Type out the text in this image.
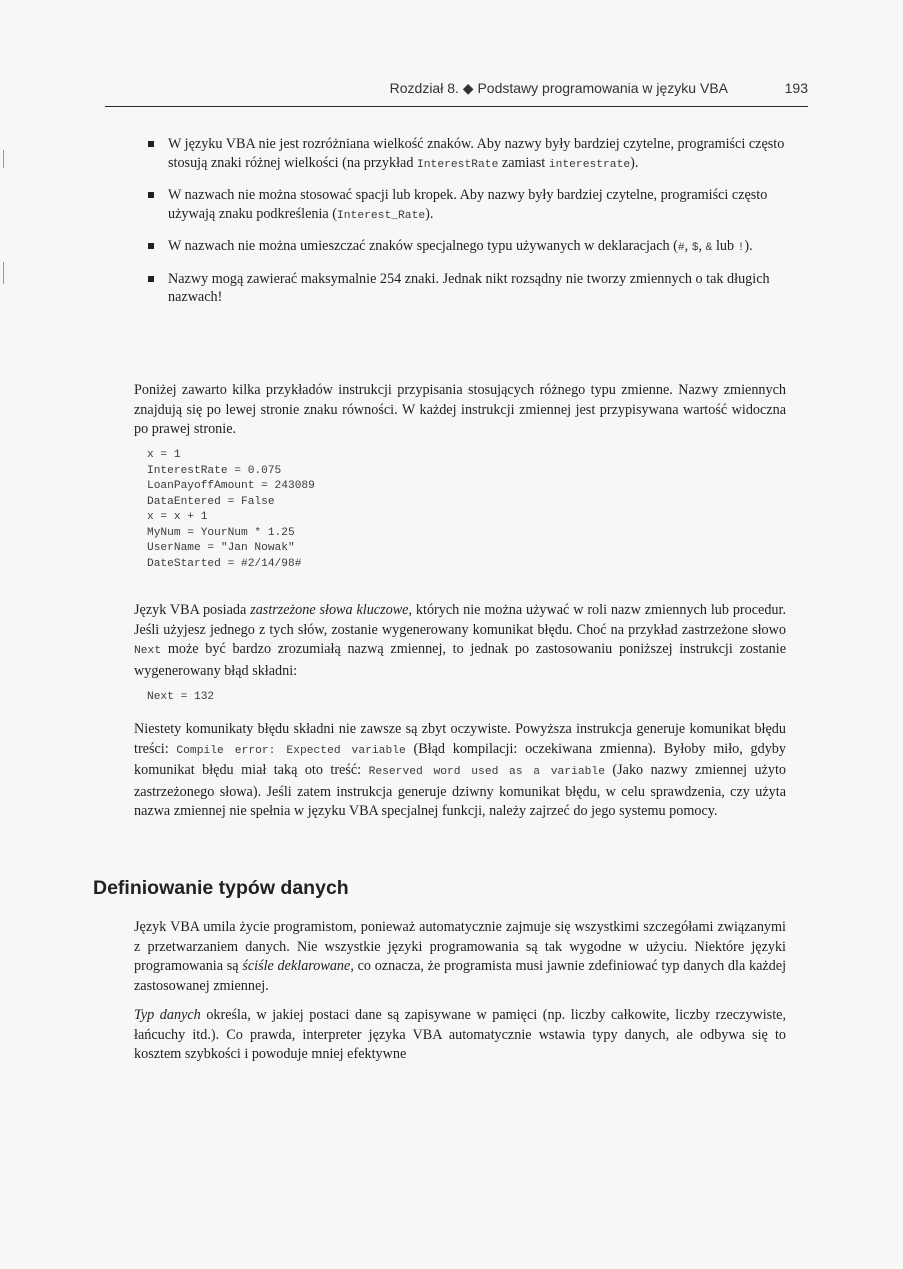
Rozdział 8. ◆ Podstawy programowania w języku VBA	193
W języku VBA nie jest rozróżniana wielkość znaków. Aby nazwy były bardziej czytelne, programiści często stosują znaki różnej wielkości (na przykład InterestRate zamiast interestrate).
W nazwach nie można stosować spacji lub kropek. Aby nazwy były bardziej czytelne, programiści często używają znaku podkreślenia (Interest_Rate).
W nazwach nie można umieszczać znaków specjalnego typu używanych w deklaracjach (#, $, & lub !).
Nazwy mogą zawierać maksymalnie 254 znaki. Jednak nikt rozsądny nie tworzy zmiennych o tak długich nazwach!

Poniżej zawarto kilka przykładów instrukcji przypisania stosujących różnego typu zmienne. Nazwy zmiennych znajdują się po lewej stronie znaku równości. W każdej instrukcji zmiennej jest przypisywana wartość widoczna po prawej stronie.

x = 1
InterestRate = 0.075
LoanPayoffAmount = 243089
DataEntered = False
x = x + 1
MyNum = YourNum * 1.25
UserName = "Jan Nowak"
DateStarted = #2/14/98#

Język VBA posiada zastrzeżone słowa kluczowe, których nie można używać w roli nazw zmiennych lub procedur. Jeśli użyjesz jednego z tych słów, zostanie wygenerowany komunikat błędu. Choć na przykład zastrzeżone słowo Next może być bardzo zrozumiałą nazwą zmiennej, to jednak po zastosowaniu poniższej instrukcji zostanie wygenerowany błąd składni:

Next = 132

Niestety komunikaty błędu składni nie zawsze są zbyt oczywiste. Powyższa instrukcja generuje komunikat błędu treści: Compile error: Expected variable (Błąd kompilacji: oczekiwana zmienna). Byłoby miło, gdyby komunikat błędu miał taką oto treść: Reserved word used as a variable (Jako nazwy zmiennej użyto zastrzeżonego słowa). Jeśli zatem instrukcja generuje dziwny komunikat błędu, w celu sprawdzenia, czy użyta nazwa zmiennej nie spełnia w języku VBA specjalnej funkcji, należy zajrzeć do jego systemu pomocy.

Definiowanie typów danych

Język VBA umila życie programistom, ponieważ automatycznie zajmuje się wszystkimi szczegółami związanymi z przetwarzaniem danych. Nie wszystkie języki programowania są tak wygodne w użyciu. Niektóre języki programowania są ściśle deklarowane, co oznacza, że programista musi jawnie zdefiniować typ danych dla każdej zastosowanej zmiennej.

Typ danych określa, w jakiej postaci dane są zapisywane w pamięci (np. liczby całkowite, liczby rzeczywiste, łańcuchy itd.). Co prawda, interpreter języka VBA automatycznie wstawia typy danych, ale odbywa się to kosztem szybkości i powoduje mniej efektywne
